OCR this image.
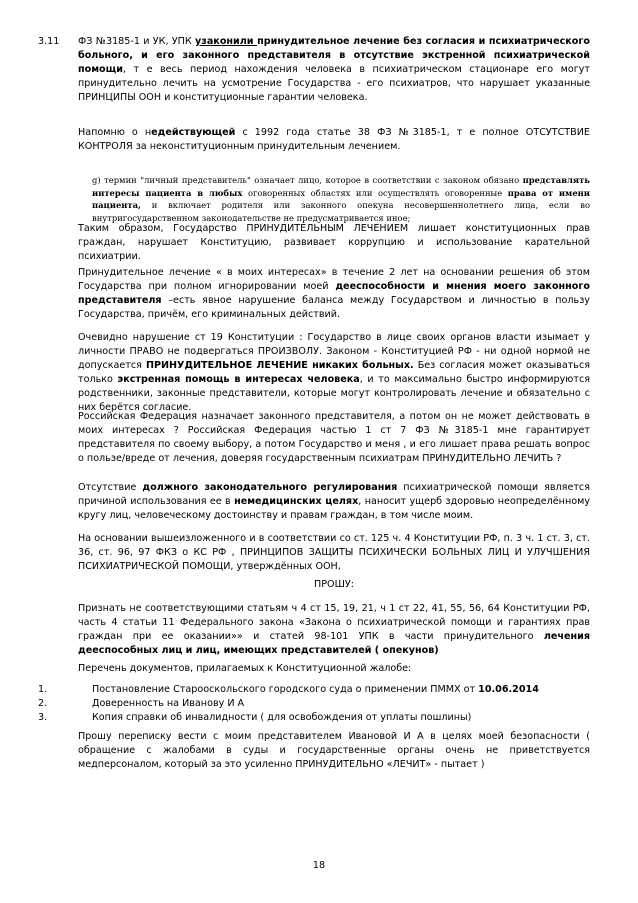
3.11 ФЗ №3185-1 и УК, УПК узаконили принудительное лечение без согласия и психиатрического больного, и его законного представителя в отсутствие экстренной психиатрической помощи, т е весь период нахождения человека в психиатрическом стационаре его могут принудительно лечить на усмотрение Государства - его психиатров, что нарушает указанные ПРИНЦИПЫ ООН и конституционные гарантии человека.

Напомню о недействующей с 1992 года статье 38 ФЗ №3185-1, т е полное ОТСУТСТВИЕ КОНТРОЛЯ за неконституционным принудительным лечением.

g) термин "личный представитель" означает лицо, которое в соответствии с законом обязано представлять интересы пациента в любых оговоренных областях или осуществлять оговоренные права от имени пациента, и включает родителя или законного опекуна несовершеннолетнего лица, если во внутригосударственном законодательстве не предусматривается иное;

Таким образом, Государство ПРИНУДИТЕЛЬНЫМ ЛЕЧЕНИЕМ лишает конституционных прав граждан, нарушает Конституцию, развивает коррупцию и использование карательной психиатрии.

Принудительное лечение « в моих интересах» в течение 2 лет на основании решения об этом Государства при полном игнорировании моей дееспособности и мнения моего законного представителя –есть явное нарушение баланса между Государством и личностью в пользу Государства, причём, его криминальных действий.

Очевидно нарушение ст 19 Конституции : Государство в лице своих органов власти изымает у личности ПРАВО не подвергаться ПРОИЗВОЛУ. Законом - Конституцией РФ - ни одной нормой не допускается ПРИНУДИТЕЛЬНОЕ ЛЕЧЕНИЕ никаких больных. Без согласия может оказываться только экстренная помощь в интересах человека, и то максимально быстро информируются родственники, законные представители, которые могут контролировать лечение и обязательно с них берётся согласие.

Российская Федерация назначает законного представителя, а потом он не может действовать в моих интересах ? Российская Федерация частью 1 ст 7 ФЗ №3185-1 мне гарантирует представителя по своему выбору, а потом Государство и меня , и его лишает права решать вопрос о пользе/вреде от лечения, доверяя государственным психиатрам ПРИНУДИТЕЛЬНО ЛЕЧИТЬ ?

Отсутствие должного законодательного регулирования психиатрической помощи является причиной использования ее в немедицинских целях, наносит ущерб здоровью неопределённому кругу лиц, человеческому достоинству и правам граждан, в том числе моим.

На основании вышеизложенного и в соответствии со ст. 125 ч. 4 Конституции РФ, п. 3 ч. 1 ст. 3, ст. 36, ст. 96, 97 ФКЗ о КС РФ , ПРИНЦИПОВ ЗАЩИТЫ ПСИХИЧЕСКИ БОЛЬНЫХ ЛИЦ И УЛУЧШЕНИЯ ПСИХИАТРИЧЕСКОЙ ПОМОЩИ, утверждённых ООН,

ПРОШУ:

Признать не соответствующими статьям ч 4 ст 15, 19, 21, ч 1 ст 22, 41, 55, 56, 64 Конституции РФ, часть 4 статьи 11 Федерального закона «Закона о психиатрической помощи и гарантиях прав граждан при ее оказании»» и статей 98-101 УПК в части принудительного лечения дееспособных лиц и лиц, имеющих представителей ( опекунов)

Перечень документов, прилагаемых к Конституционной жалобе:

1.	Постановление Старооскольского городского суда о применении ПММХ от 10.06.2014
2.	Доверенность на Иванову И А
3.	Копия справки об инвалидности ( для освобождения от уплаты пошлины)

Прошу переписку вести с моим представителем Ивановой И А в целях моей безопасности ( обращение с жалобами в суды и государственные органы очень не приветствуется медперсоналом, который за это усиленно ПРИНУДИТЕЛЬНО «ЛЕЧИТ» - пытает )

18
